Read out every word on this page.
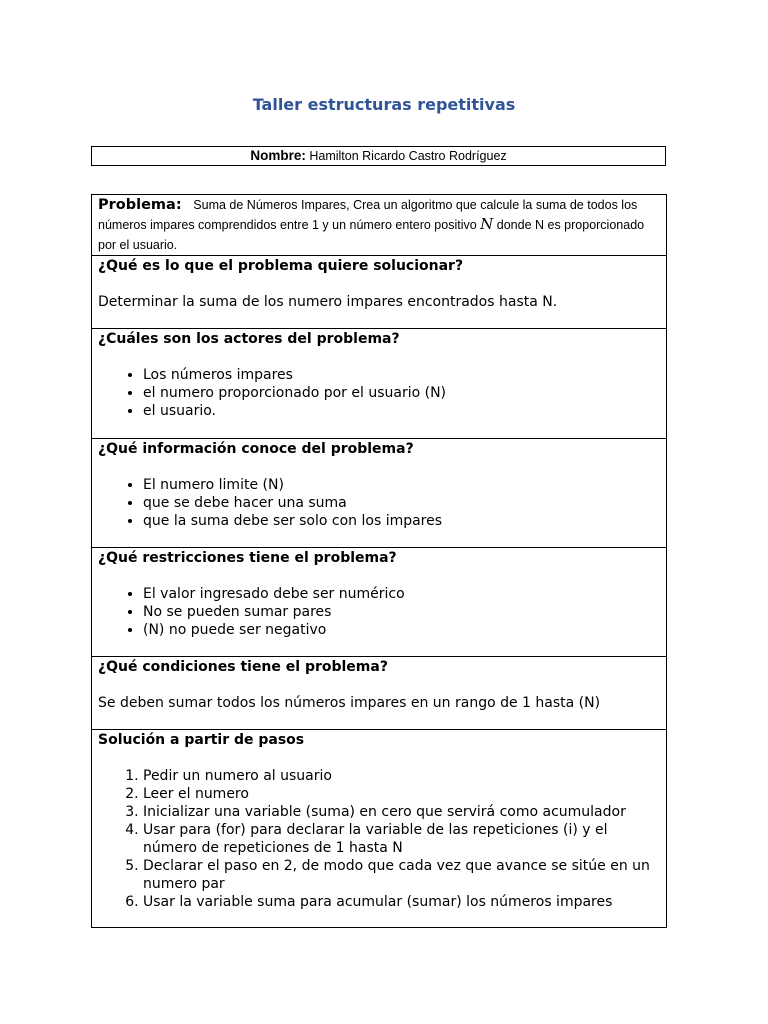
Taller estructuras repetitivas
Nombre: Hamilton Ricardo Castro Rodríguez
Problema: Suma de Números Impares, Crea un algoritmo que calcule la suma de todos los números impares comprendidos entre 1 y un número entero positivo N donde N es proporcionado por el usuario.

¿Qué es lo que el problema quiere solucionar?
Determinar la suma de los numero impares encontrados hasta N.

¿Cuáles son los actores del problema?
• Los números impares
• el numero proporcionado por el usuario (N)
• el usuario.

¿Qué información conoce del problema?
• El numero limite (N)
• que se debe hacer una suma
• que la suma debe ser solo con los impares

¿Qué restricciones tiene el problema?
• El valor ingresado debe ser numérico
• No se pueden sumar pares
• (N) no puede ser negativo

¿Qué condiciones tiene el problema?
Se deben sumar todos los números impares en un rango de 1 hasta (N)

Solución a partir de pasos
1. Pedir un numero al usuario
2. Leer el numero
3. Inicializar una variable (suma) en cero que servirá como acumulador
4. Usar para (for) para declarar la variable de las repeticiones (i) y el número de repeticiones de 1 hasta N
5. Declarar el paso en 2, de modo que cada vez que avance se sitúe en un numero par
6. Usar la variable suma para acumular (sumar) los números impares
